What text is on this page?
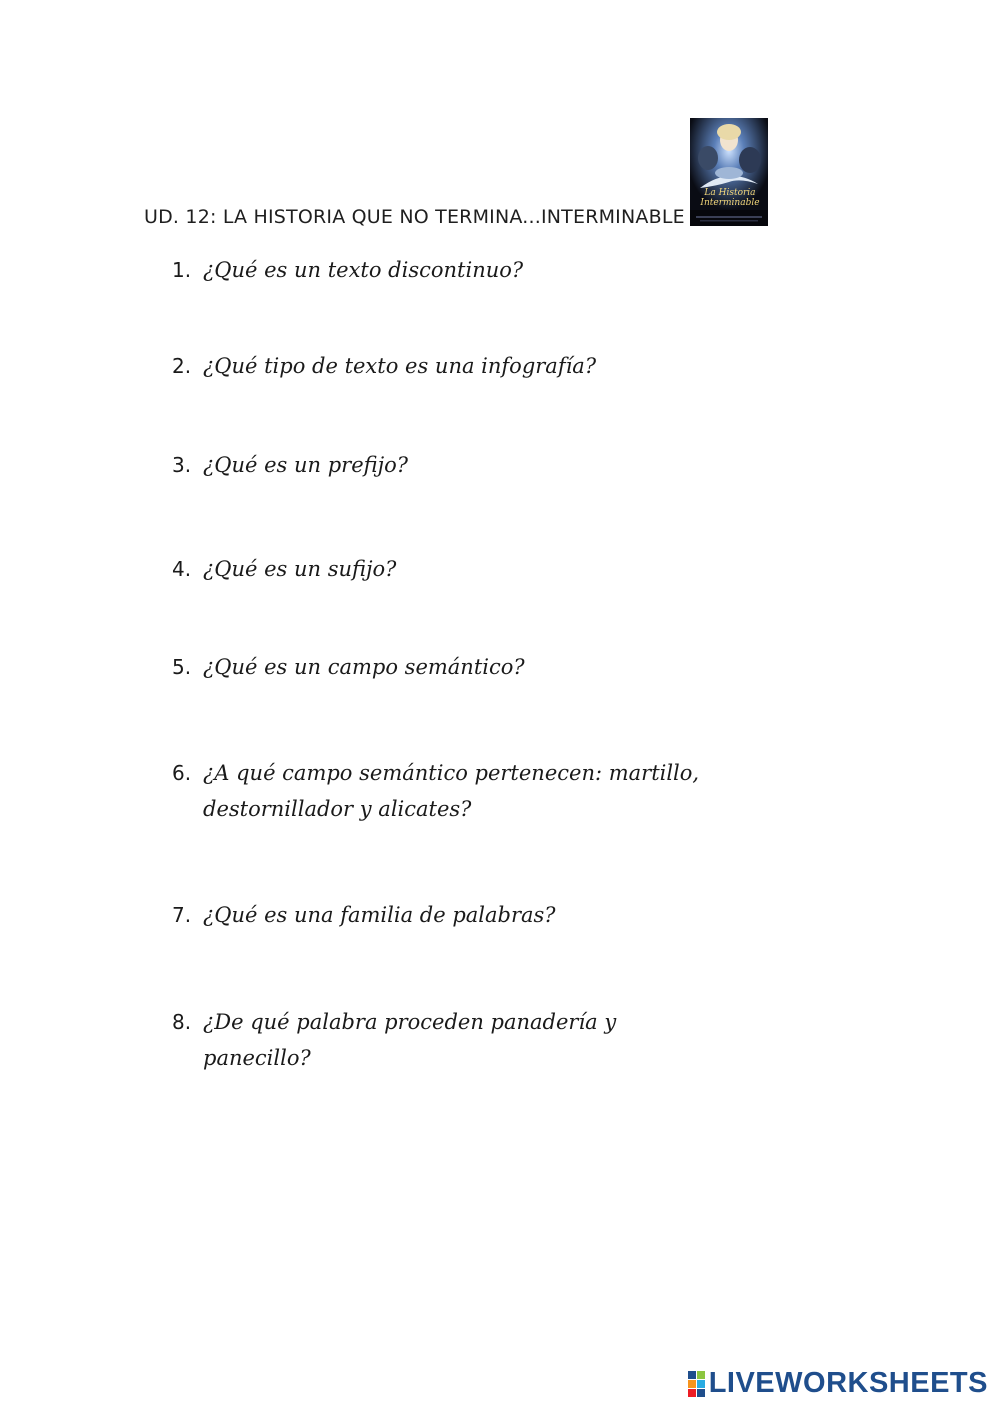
La Historia
Interminable
UD. 12: LA HISTORIA QUE NO TERMINA...INTERMINABLE
1. ¿Qué es un texto discontinuo?
2. ¿Qué tipo de texto es una infografía?
3. ¿Qué es un prefijo?
4. ¿Qué es un sufijo?
5. ¿Qué es un campo semántico?
6. ¿A qué campo semántico pertenecen: martillo, destornillador y alicates?
7. ¿Qué es una familia de palabras?
8. ¿De qué palabra proceden panadería y panecillo?
LIVEWORKSHEETS
